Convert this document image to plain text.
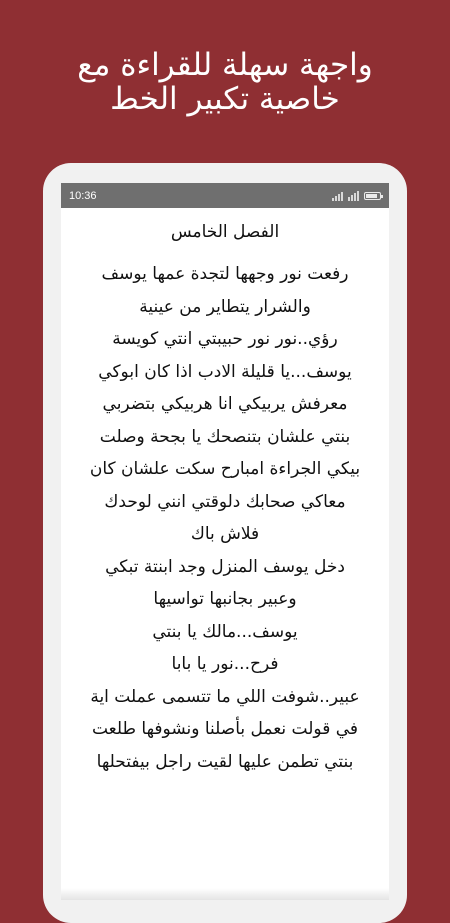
واجهة سهلة للقراءة مع
خاصية تكبير الخط
10:36
الفصل الخامس
رفعت نور وجهها لتجدة عمها يوسف
والشرار يتطاير من عينية
رؤي..نور نور حبيبتي انتي كويسة
يوسف...يا قليلة الادب اذا كان ابوكي
معرفش يربيكي انا هربيكي بتضربي
بنتي علشان بتنصحك يا بجحة وصلت
بيكي الجراءة امبارح سكت علشان كان
معاكي صحابك دلوقتي انني لوحدك
فلاش باك
دخل يوسف المنزل وجد ابنتة تبكي
وعبير بجانبها تواسيها
يوسف...مالك يا بنتي
فرح...نور يا بابا
عبير..شوفت اللي ما تتسمى عملت اية
في قولت نعمل بأصلنا ونشوفها طلعت
بنتي تطمن عليها لقيت راجل بيفتحلها
